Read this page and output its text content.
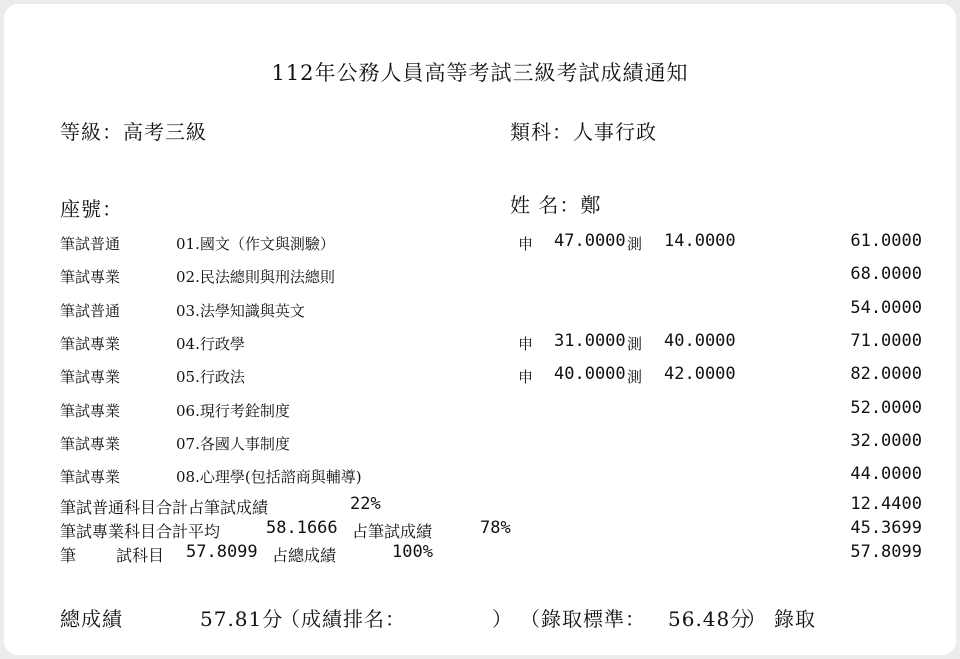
112年公務人員高等考試三級考試成績通知
等級：高考三級	類科：人事行政
座號：	姓 名：鄭
筆試普通	01.國文（作文與測驗）	申 47.0000 測 14.0000	61.0000
筆試專業	02.民法總則與刑法總則	68.0000
筆試普通	03.法學知識與英文	54.0000
筆試專業	04.行政學	申 31.0000 測 40.0000	71.0000
筆試專業	05.行政法	申 40.0000 測 42.0000	82.0000
筆試專業	06.現行考銓制度	52.0000
筆試專業	07.各國人事制度	32.0000
筆試專業	08.心理學(包括諮商與輔導)	44.0000
筆試普通科目合計占筆試成績	22%	12.4400
筆試專業科目合計平均	58.1666 占筆試成績	78%	45.3699
筆 試科目 57.8099 占總成績	100%	57.8099
總成績	57.81分
（成績排名：	） （錄取標準： 56.48分
） 錄取
